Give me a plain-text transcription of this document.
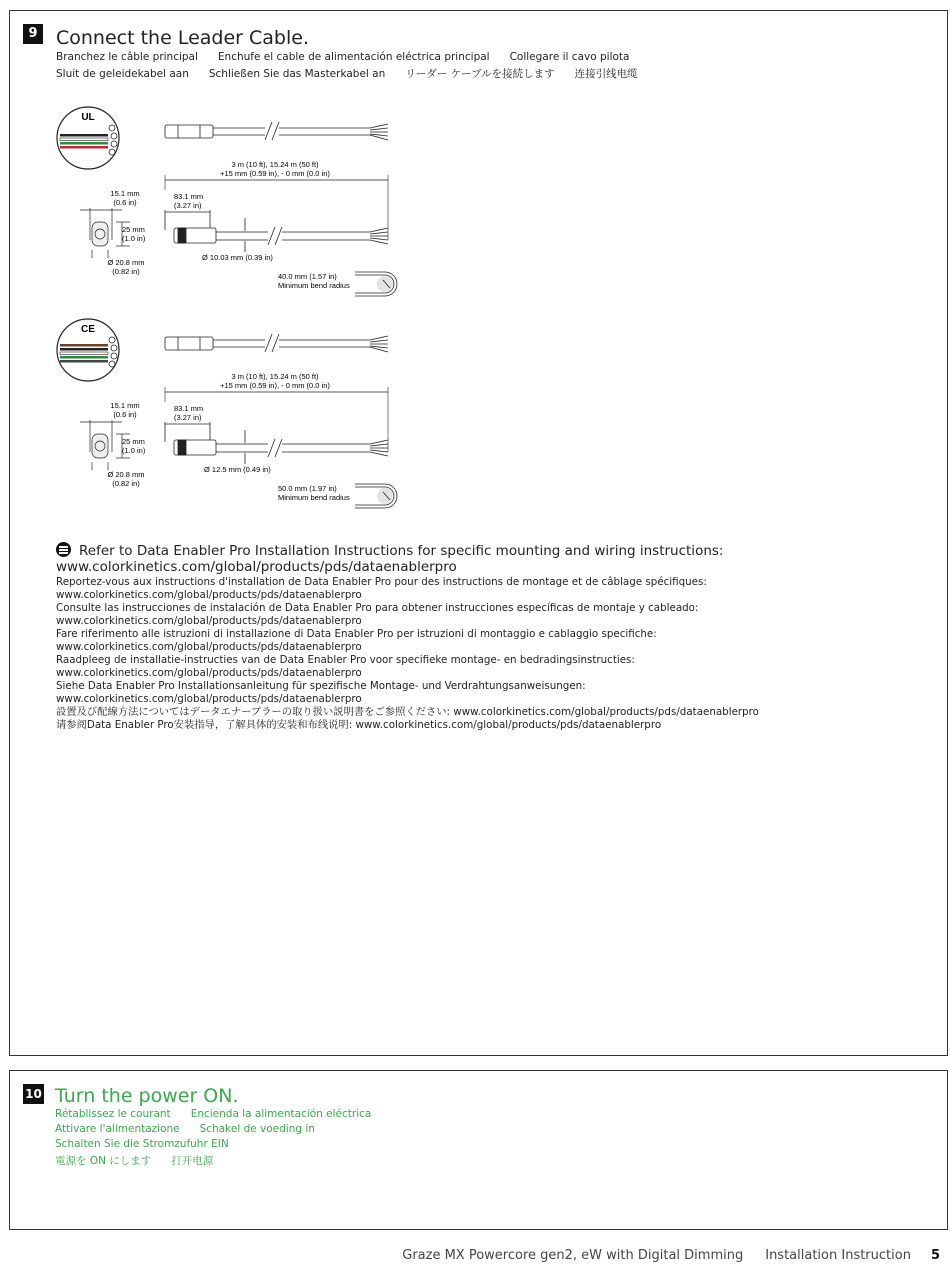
9 Connect the Leader Cable.
Branchez le câble principal Enchufe el cable de alimentación eléctrica principal Collegare il cavo pilota
Sluit de geleidekabel aan Schließen Sie das Masterkabel an リーダー ケーブルを接続します 连接引线电缆
UL
3 m (10 ft), 15.24 m (50 ft)
+15 mm (0.59 in), - 0 mm (0.0 in)
15.1 mm
(0.6 in)
25 mm
(1.0 in)
Ø 20.8 mm
(0.82 in)
83.1 mm
(3.27 in)
Ø 10.03 mm (0.39 in)
40.0 mm (1.57 in)
Minimum bend radius
CE
3 m (10 ft), 15.24 m (50 ft)
+15 mm (0.59 in), - 0 mm (0.0 in)
15.1 mm
(0.6 in)
25 mm
(1.0 in)
Ø 20.8 mm
(0.82 in)
83.1 mm
(3.27 in)
Ø 12.5 mm (0.49 in)
50.0 mm (1.97 in)
Minimum bend radius
Refer to Data Enabler Pro Installation Instructions for specific mounting and wiring instructions:
www.colorkinetics.com/global/products/pds/dataenablerpro
Reportez-vous aux instructions d'installation de Data Enabler Pro pour des instructions de montage et de câblage spécifiques:
www.colorkinetics.com/global/products/pds/dataenablerpro
Consulte las instrucciones de instalación de Data Enabler Pro para obtener instrucciones específicas de montaje y cableado:
www.colorkinetics.com/global/products/pds/dataenablerpro
Fare riferimento alle istruzioni di installazione di Data Enabler Pro per istruzioni di montaggio e cablaggio specifiche:
www.colorkinetics.com/global/products/pds/dataenablerpro
Raadpleeg de installatie-instructies van de Data Enabler Pro voor specifieke montage- en bedradingsinstructies:
www.colorkinetics.com/global/products/pds/dataenablerpro
Siehe Data Enabler Pro Installationsanleitung für spezifische Montage- und Verdrahtungsanweisungen:
www.colorkinetics.com/global/products/pds/dataenablerpro
設置及び配線方法についてはデータエナーブラーの取り扱い説明書をご参照ください: www.colorkinetics.com/global/products/pds/dataenablerpro
请参阅Data Enabler Pro安装指导，了解具体的安装和布线说明: www.colorkinetics.com/global/products/pds/dataenablerpro
10 Turn the power ON.
Rétablissez le courant Encienda la alimentación eléctrica
Attivare l'alimentazione Schakel de voeding in
Schalten Sie die Stromzufuhr EIN
電源を ON にします 打开电源
Graze MX Powercore gen2, eW with Digital Dimming Installation Instruction 5
